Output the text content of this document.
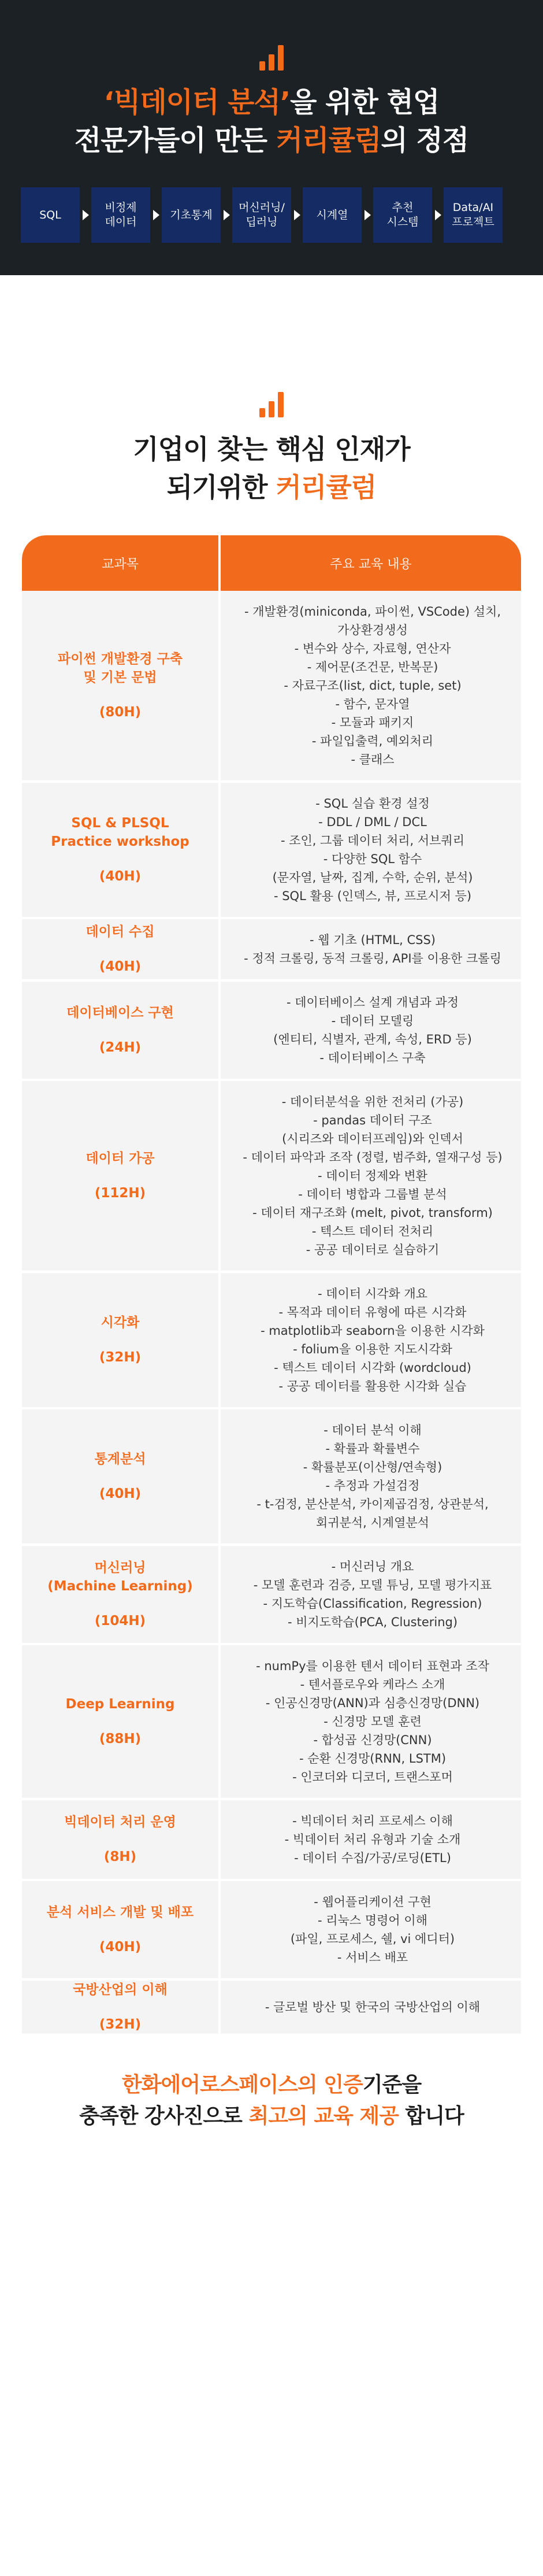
‘빅데이터 분석’을 위한 현업
전문가들이 만든 커리큘럼의 정점
SQL
비정제
데이터
기초통계
머신러닝/
딥러닝
시계열
추천
시스템
Data/AI
프로젝트
기업이 찾는 핵심 인재가
되기위한 커리큘럼
교과목	주요 교육 내용
파이썬 개발환경 구축
및 기본 문법
(80H)
- 개발환경(miniconda, 파이썬, VSCode) 설치,
가상환경생성
- 변수와 상수, 자료형, 연산자
- 제어문(조건문, 반복문)
- 자료구조(list, dict, tuple, set)
- 함수, 문자열
- 모듈과 패키지
- 파일입출력, 예외처리
- 클래스
SQL & PLSQL
Practice workshop
(40H)
- SQL 실습 환경 설정
- DDL / DML / DCL
- 조인, 그룹 데이터 처리, 서브쿼리
- 다양한 SQL 함수
(문자열, 날짜, 집계, 수학, 순위, 분석)
- SQL 활용 (인덱스, 뷰, 프로시저 등)
데이터 수집
(40H)
- 웹 기초 (HTML, CSS)
- 정적 크롤링, 동적 크롤링, API를 이용한 크롤링
데이터베이스 구현
(24H)
- 데이터베이스 설계 개념과 과정
- 데이터 모델링
(엔티티, 식별자, 관계, 속성, ERD 등)
- 데이터베이스 구축
데이터 가공
(112H)
- 데이터분석을 위한 전처리 (가공)
- pandas 데이터 구조
(시리즈와 데이터프레임)와 인덱서
- 데이터 파악과 조작 (정렬, 범주화, 열재구성 등)
- 데이터 정제와 변환
- 데이터 병합과 그룹별 분석
- 데이터 재구조화 (melt, pivot, transform)
- 텍스트 데이터 전처리
- 공공 데이터로 실습하기
시각화
(32H)
- 데이터 시각화 개요
- 목적과 데이터 유형에 따른 시각화
- matplotlib과 seaborn을 이용한 시각화
- folium을 이용한 지도시각화
- 텍스트 데이터 시각화 (wordcloud)
- 공공 데이터를 활용한 시각화 실습
통계분석
(40H)
- 데이터 분석 이해
- 확률과 확률변수
- 확률분포(이산형/연속형)
- 추정과 가설검정
- t-검정, 분산분석, 카이제곱검정, 상관분석,
회귀분석, 시계열분석
머신러닝
(Machine Learning)
(104H)
- 머신러닝 개요
- 모델 훈련과 검증, 모델 튜닝, 모델 평가지표
- 지도학습(Classification, Regression)
- 비지도학습(PCA, Clustering)
Deep Learning
(88H)
- numPy를 이용한 텐서 데이터 표현과 조작
- 텐서플로우와 케라스 소개
- 인공신경망(ANN)과 심층신경망(DNN)
- 신경망 모델 훈련
- 합성곱 신경망(CNN)
- 순환 신경망(RNN, LSTM)
- 인코더와 디코더, 트랜스포머
빅데이터 처리 운영
(8H)
- 빅데이터 처리 프로세스 이해
- 빅데이터 처리 유형과 기술 소개
- 데이터 수집/가공/로딩(ETL)
분석 서비스 개발 및 배포
(40H)
- 웹어플리케이션 구현
- 리눅스 명령어 이해
(파일, 프로세스, 쉘, vi 에디터)
- 서비스 배포
국방산업의 이해
(32H)
- 글로벌 방산 및 한국의 국방산업의 이해
한화에어로스페이스의 인증기준을
충족한 강사진으로 최고의 교육 제공 합니다
